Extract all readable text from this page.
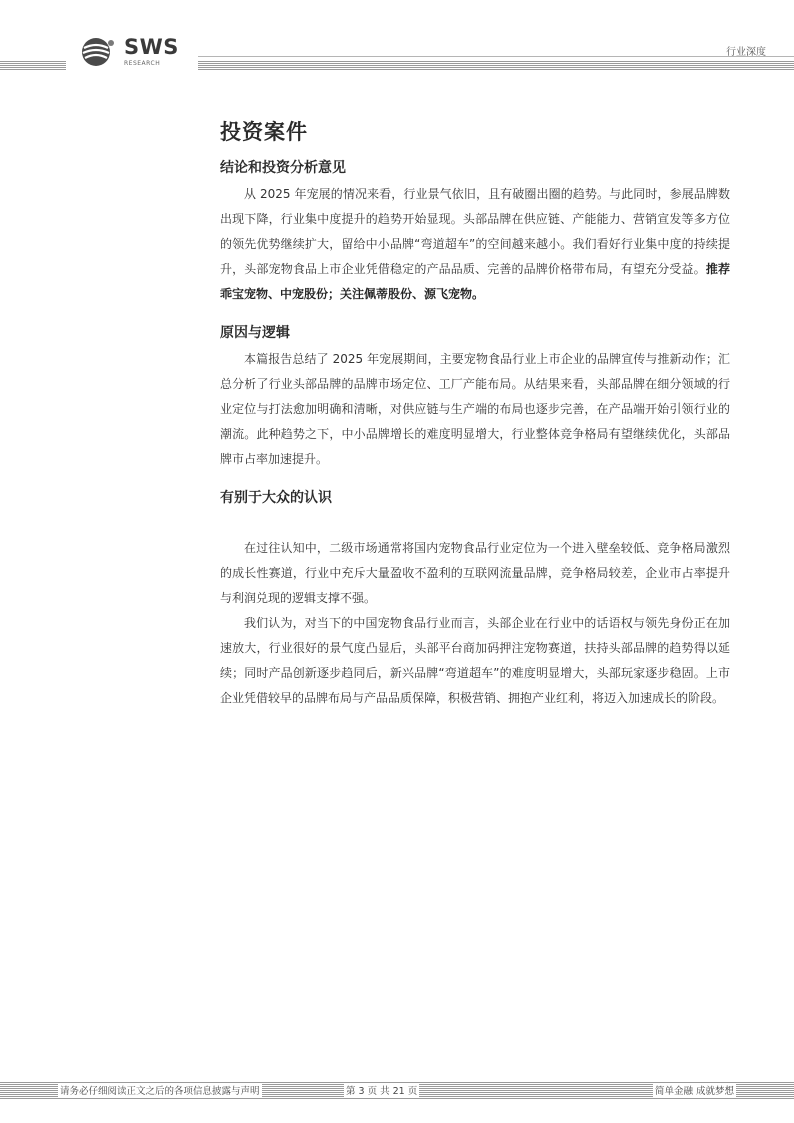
SWS
RESEARCH
行业深度
投资案件
结论和投资分析意见

从 2025 年宠展的情况来看，行业景气依旧，且有破圈出圈的趋势。与此同时，参展品牌数出现下降，行业集中度提升的趋势开始显现。头部品牌在供应链、产能能力、营销宣发等多方位的领先优势继续扩大，留给中小品牌“弯道超车”的空间越来越小。我们看好行业集中度的持续提升，头部宠物食品上市企业凭借稳定的产品品质、完善的品牌价格带布局，有望充分受益。推荐乖宝宠物、中宠股份；关注佩蒂股份、源飞宠物。

原因与逻辑

本篇报告总结了 2025 年宠展期间，主要宠物食品行业上市企业的品牌宣传与推新动作；汇总分析了行业头部品牌的品牌市场定位、工厂产能布局。从结果来看，头部品牌在细分领域的行业定位与打法愈加明确和清晰，对供应链与生产端的布局也逐步完善，在产品端开始引领行业的潮流。此种趋势之下，中小品牌增长的难度明显增大，行业整体竞争格局有望继续优化，头部品牌市占率加速提升。

有别于大众的认识

在过往认知中，二级市场通常将国内宠物食品行业定位为一个进入壁垒较低、竞争格局激烈的成长性赛道，行业中充斥大量盈收不盈利的互联网流量品牌，竞争格局较差，企业市占率提升与利润兑现的逻辑支撑不强。

我们认为，对当下的中国宠物食品行业而言，头部企业在行业中的话语权与领先身份正在加速放大，行业很好的景气度凸显后，头部平台商加码押注宠物赛道，扶持头部品牌的趋势得以延续；同时产品创新逐步趋同后，新兴品牌“弯道超车”的难度明显增大，头部玩家逐步稳固。上市企业凭借较早的品牌布局与产品品质保障，积极营销、拥抱产业红利，将迈入加速成长的阶段。

请务必仔细阅读正文之后的各项信息披露与声明	第 3 页 共 21 页	简单金融 成就梦想
